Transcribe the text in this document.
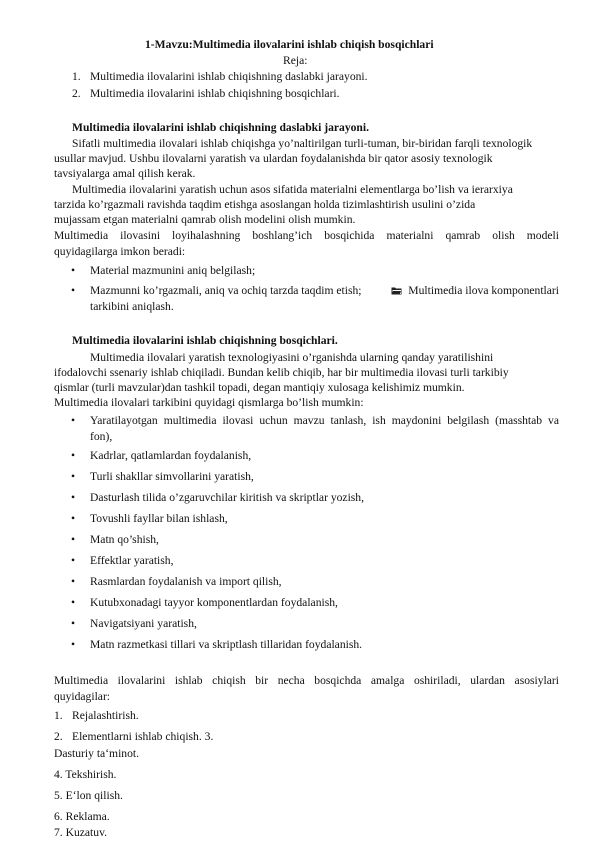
1-Mavzu:Multimedia ilovalarini ishlab chiqish bosqichlari
Reja:
1. Multimedia ilovalarini ishlab chiqishning daslabki jarayoni.
2. Multimedia ilovalarini ishlab chiqishning bosqichlari.
Multimedia ilovalarini ishlab chiqishning daslabki jarayoni.
Sifatli multimedia ilovalari ishlab chiqishga yo’naltirilgan turli-tuman, bir-biridan farqli texnologik
usullar mavjud. Ushbu ilovalarni yaratish va ulardan foydalanishda bir qator asosiy texnologik
tavsiyalarga amal qilish kerak.
Multimedia ilovalarini yaratish uchun asos sifatida materialni elementlarga bo’lish va ierarxiya
tarzida ko’rgazmali ravishda taqdim etishga asoslangan holda tizimlashtirish usulini o’zida
mujassam etgan materialni qamrab olish modelini olish mumkin.
Multimedia ilovasini loyihalashning boshlang’ich bosqichida materialni qamrab olish modeli
quyidagilarga imkon beradi:
• Material mazmunini aniq belgilash;
• Mazmunni ko’rgazmali, aniq va ochiq tarzda taqdim etish;	Multimedia ilova komponentlari
tarkibini aniqlash.
Multimedia ilovalarini ishlab chiqishning bosqichlari.
Multimedia ilovalari yaratish texnologiyasini o’rganishda ularning qanday yaratilishini
ifodalovchi ssenariy ishlab chiqiladi. Bundan kelib chiqib, har bir multimedia ilovasi turli tarkibiy
qismlar (turli mavzular)dan tashkil topadi, degan mantiqiy xulosaga kelishimiz mumkin.
Multimedia ilovalari tarkibini quyidagi qismlarga bo’lish mumkin:
• Yaratilayotgan multimedia ilovasi uchun mavzu tanlash, ish maydonini belgilash (masshtab va
fon),
• Kadrlar, qatlamlardan foydalanish,
• Turli shakllar simvollarini yaratish,
• Dasturlash tilida o’zgaruvchilar kiritish va skriptlar yozish,
• Tovushli fayllar bilan ishlash,
• Matn qo’shish,
• Effektlar yaratish,
• Rasmlardan foydalanish va import qilish,
• Kutubxonadagi tayyor komponentlardan foydalanish,
• Navigatsiyani yaratish,
• Matn razmetkasi tillari va skriptlash tillaridan foydalanish.
Multimedia ilovalarini ishlab chiqish bir necha bosqichda amalga oshiriladi, ulardan asosiylari
quyidagilar:
1. Rejalashtirish.
2. Elementlarni ishlab chiqish. 3.
Dasturiy ta‘minot.
4. Tekshirish.
5. E‘lon qilish.
6. Reklama.
7. Kuzatuv.
